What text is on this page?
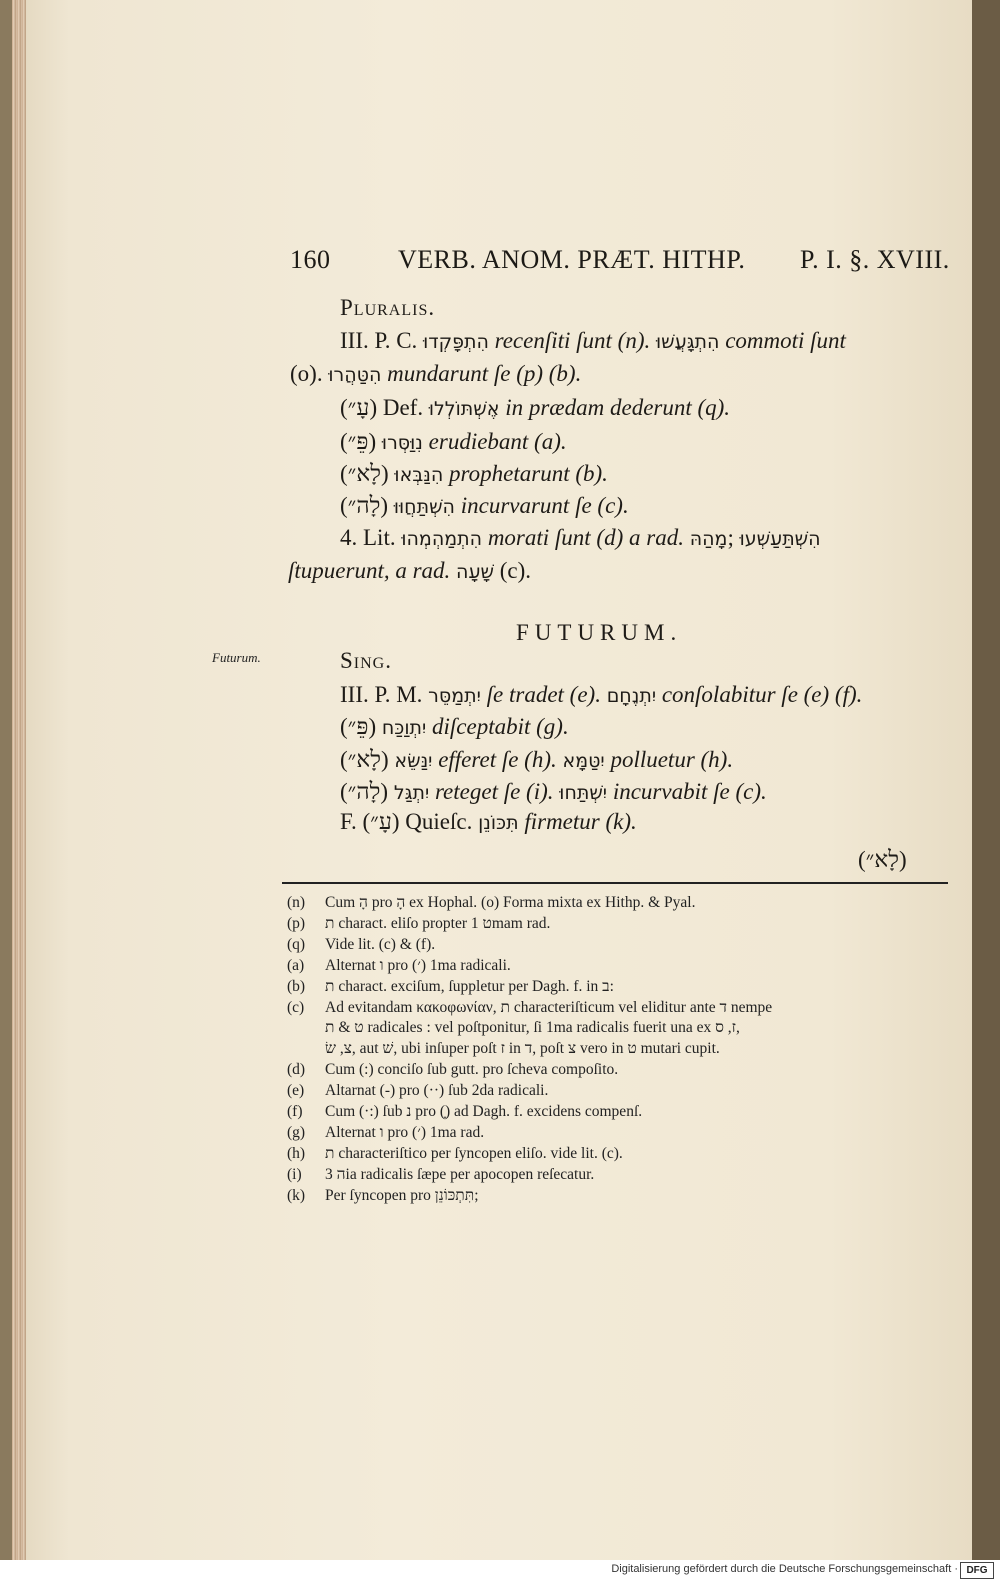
160	VERB. ANOM. PRÆT. HITHP. P. I. §. XVIII.
Pluralis.
III. P. C. הִתְפָּקְדוּ recenſiti ſunt (n). הִתְגָּעֲשׁוּ commoti ſunt
(o). הִטַּהֲרוּ mundarunt ſe (p) (b).
(עָ״) Def. אֶשְׁתּוֹלְלוּ in prædam dederunt (q).
(פֵּ״) נִוַּסְּרוּ erudiebant (a).
(לָא״) הִנַּבְּאוּ prophetarunt (b).
(לָה״) הִשְׁתַּחֲוּוּ incurvarunt ſe (c).
4. Lit. הִתְמַהְמְהוּ morati ſunt (d) a rad. מָהַהּ; הִשְׁתַּעַשְׁעוּ
ſtupuerunt, a rad. שָׁעָה (c).
FUTURUM.
Futurum.	Sing.
III. P. M. יִתְמַסֵּר ſe tradet (e). יִתְנֶחָם conſolabitur ſe (e) (f).
(פֵּ״) יִתְוַכַּח diſceptabit (g).
(לָא״) יִנַּשֵּׂא efferet ſe (h). יִטַּמָּא polluetur (h).
(לָה״) יִתְגַּל reteget ſe (i). יִשְׁתַּחוּ incurvabit ſe (c).
F. (עָ״) Quieſc. תִּכּוֹנֵן firmetur (k).
(לָא״)
(n) Cum הָ pro הָ ex Hophal. (o) Forma mixta ex Hithp. & Pyal.
(p) ת charact. eliſo propter ט 1mam rad.
(q) Vide lit. (c) & (f).
(a) Alternat ו pro (׳) 1ma radicali.
(b) ת charact. exciſum, ſuppletur per Dagh. f. in ב:
(c) Ad evitandam κακοφωνίαν, ת characteriſticum vel eliditur ante ד nempe
ט & ת radicales : vel poſtponitur, ſi 1ma radicalis fuerit una ex ז, ס,
צ, שׂ, aut שׁ, ubi inſuper poſt ז in ד, poſt צ vero in ט mutari cupit.
(d) Cum (:) conciſo ſub gutt. pro ſcheva compoſito.
(e) Altarnat (-) pro (··) ſub 2da radicali.
(f) Cum (·:) ſub נ pro (ָ) ad Dagh. f. excidens compenſ.
(g) Alternat ו pro (׳) 1ma rad.
(h) ת characteriſtico per ſyncopen eliſo. vide lit. (c).
(i) ה 3ia radicalis ſæpe per apocopen reſecatur.
(k) Per ſyncopen pro תִּתְכּוֹנֵן;
Digitalisierung gefördert durch die Deutsche Forschungsgemeinschaft · DFG
